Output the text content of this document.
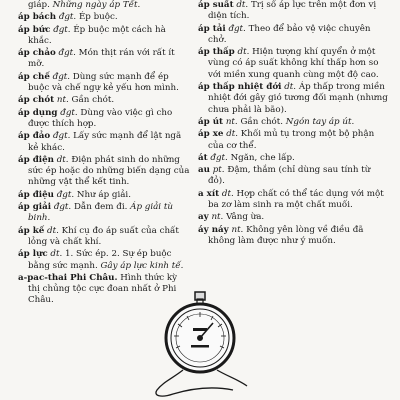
giáp. Những ngày áp Tết.
áp bách đgt. Ép buộc.
áp bức đgt. Ép buộc một cách hà khắc.
áp chảo đgt. Món thịt rán với rất ít mỡ.
áp chế đgt. Dùng sức mạnh để ép buộc và chế ngự kẻ yếu hơn mình.
áp chót nt. Gần chót.
áp dụng đgt. Dùng vào việc gì cho được thích hợp.
áp đảo đgt. Lấy sức mạnh để lật ngã kẻ khác.
áp điện dt. Điện phát sinh do những sức ép hoặc do những biến dạng của những vật thể kết tinh.
áp điệu đgt. Như áp giải.
áp giải đgt. Dẫn đem đi. Áp giải tù binh.
áp kế dt. Khí cụ đo áp suất của chất lỏng và chất khí.
áp lực dt. 1. Sức ép. 2. Sự ép buộc bằng sức mạnh. Gây áp lực kinh tế.
a-pac-thai Phi Châu. Hình thức kỳ thị chủng tộc cực đoan nhất ở Phi Châu.
áp suất dt. Trị số áp lực trên một đơn vị diện tích.
áp tải đgt. Theo để bảo vệ việc chuyên chở.
áp thấp dt. Hiện tượng khí quyển ở một vùng có áp suất không khí thấp hơn so với miền xung quanh cùng một độ cao.
áp thấp nhiệt đới dt. Áp thấp trong miền nhiệt đới gây gió tương đối mạnh (nhưng chưa phải là bão).
áp út nt. Gần chót. Ngón tay áp út.
áp xe dt. Khối mủ tụ trong một bộ phận của cơ thể.
át đgt. Ngăn, che lấp.
au pt. Đậm, thắm (chỉ dùng sau tính từ đỏ).
a xít dt. Hợp chất có thể tác dụng với một ba zơ làm sinh ra một chất muối.
ay nt. Vâng ừa.
áy náy nt. Không yên lòng về điều đã không làm được như ý muốn.
